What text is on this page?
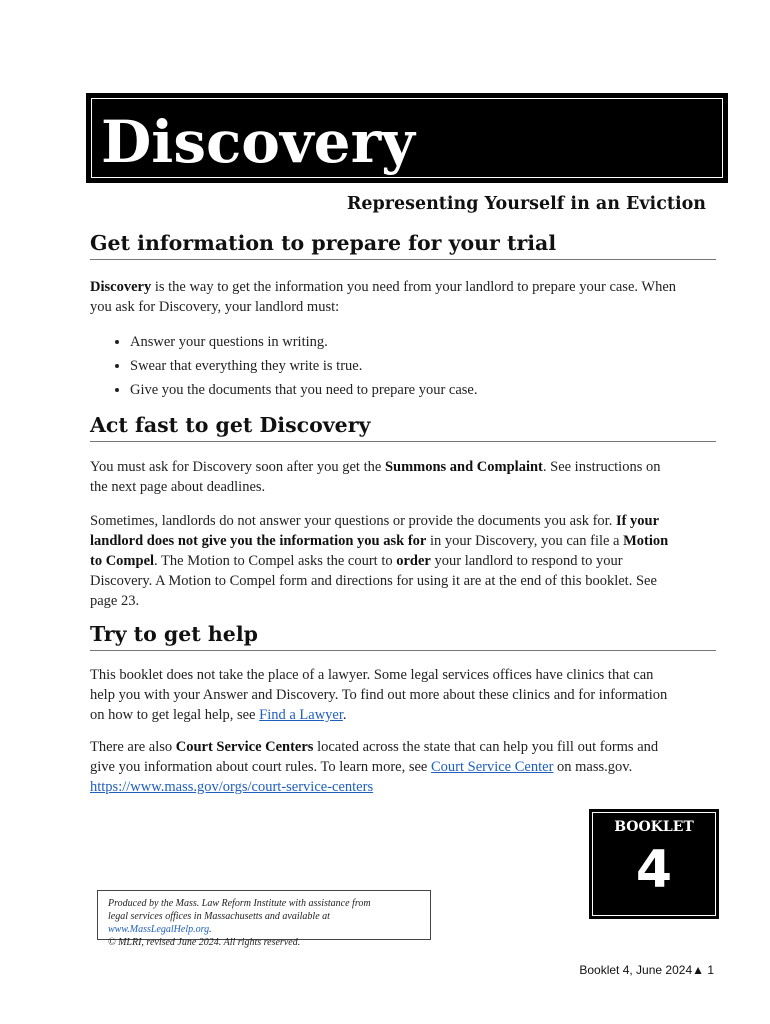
Discovery
Representing Yourself in an Eviction
Get information to prepare for your trial

Discovery is the way to get the information you need from your landlord to prepare your case. When you ask for Discovery, your landlord must:

• Answer your questions in writing.
• Swear that everything they write is true.
• Give you the documents that you need to prepare your case.
Act fast to get Discovery

You must ask for Discovery soon after you get the Summons and Complaint. See instructions on the next page about deadlines.

Sometimes, landlords do not answer your questions or provide the documents you ask for. If your landlord does not give you the information you ask for in your Discovery, you can file a Motion to Compel. The Motion to Compel asks the court to order your landlord to respond to your Discovery. A Motion to Compel form and directions for using it are at the end of this booklet. See page 23.

Try to get help

This booklet does not take the place of a lawyer. Some legal services offices have clinics that can help you with your Answer and Discovery. To find out more about these clinics and for information on how to get legal help, see Find a Lawyer.

There are also Court Service Centers located across the state that can help you fill out forms and give you information about court rules. To learn more, see Court Service Center on mass.gov. https://www.mass.gov/orgs/court-service-centers

BOOKLET
4
Produced by the Mass. Law Reform Institute with assistance from
legal services offices in Massachusetts and available at www.MassLegalHelp.org.
© MLRI, revised June 2024. All rights reserved.
Booklet 4, June 2024▲ 1
